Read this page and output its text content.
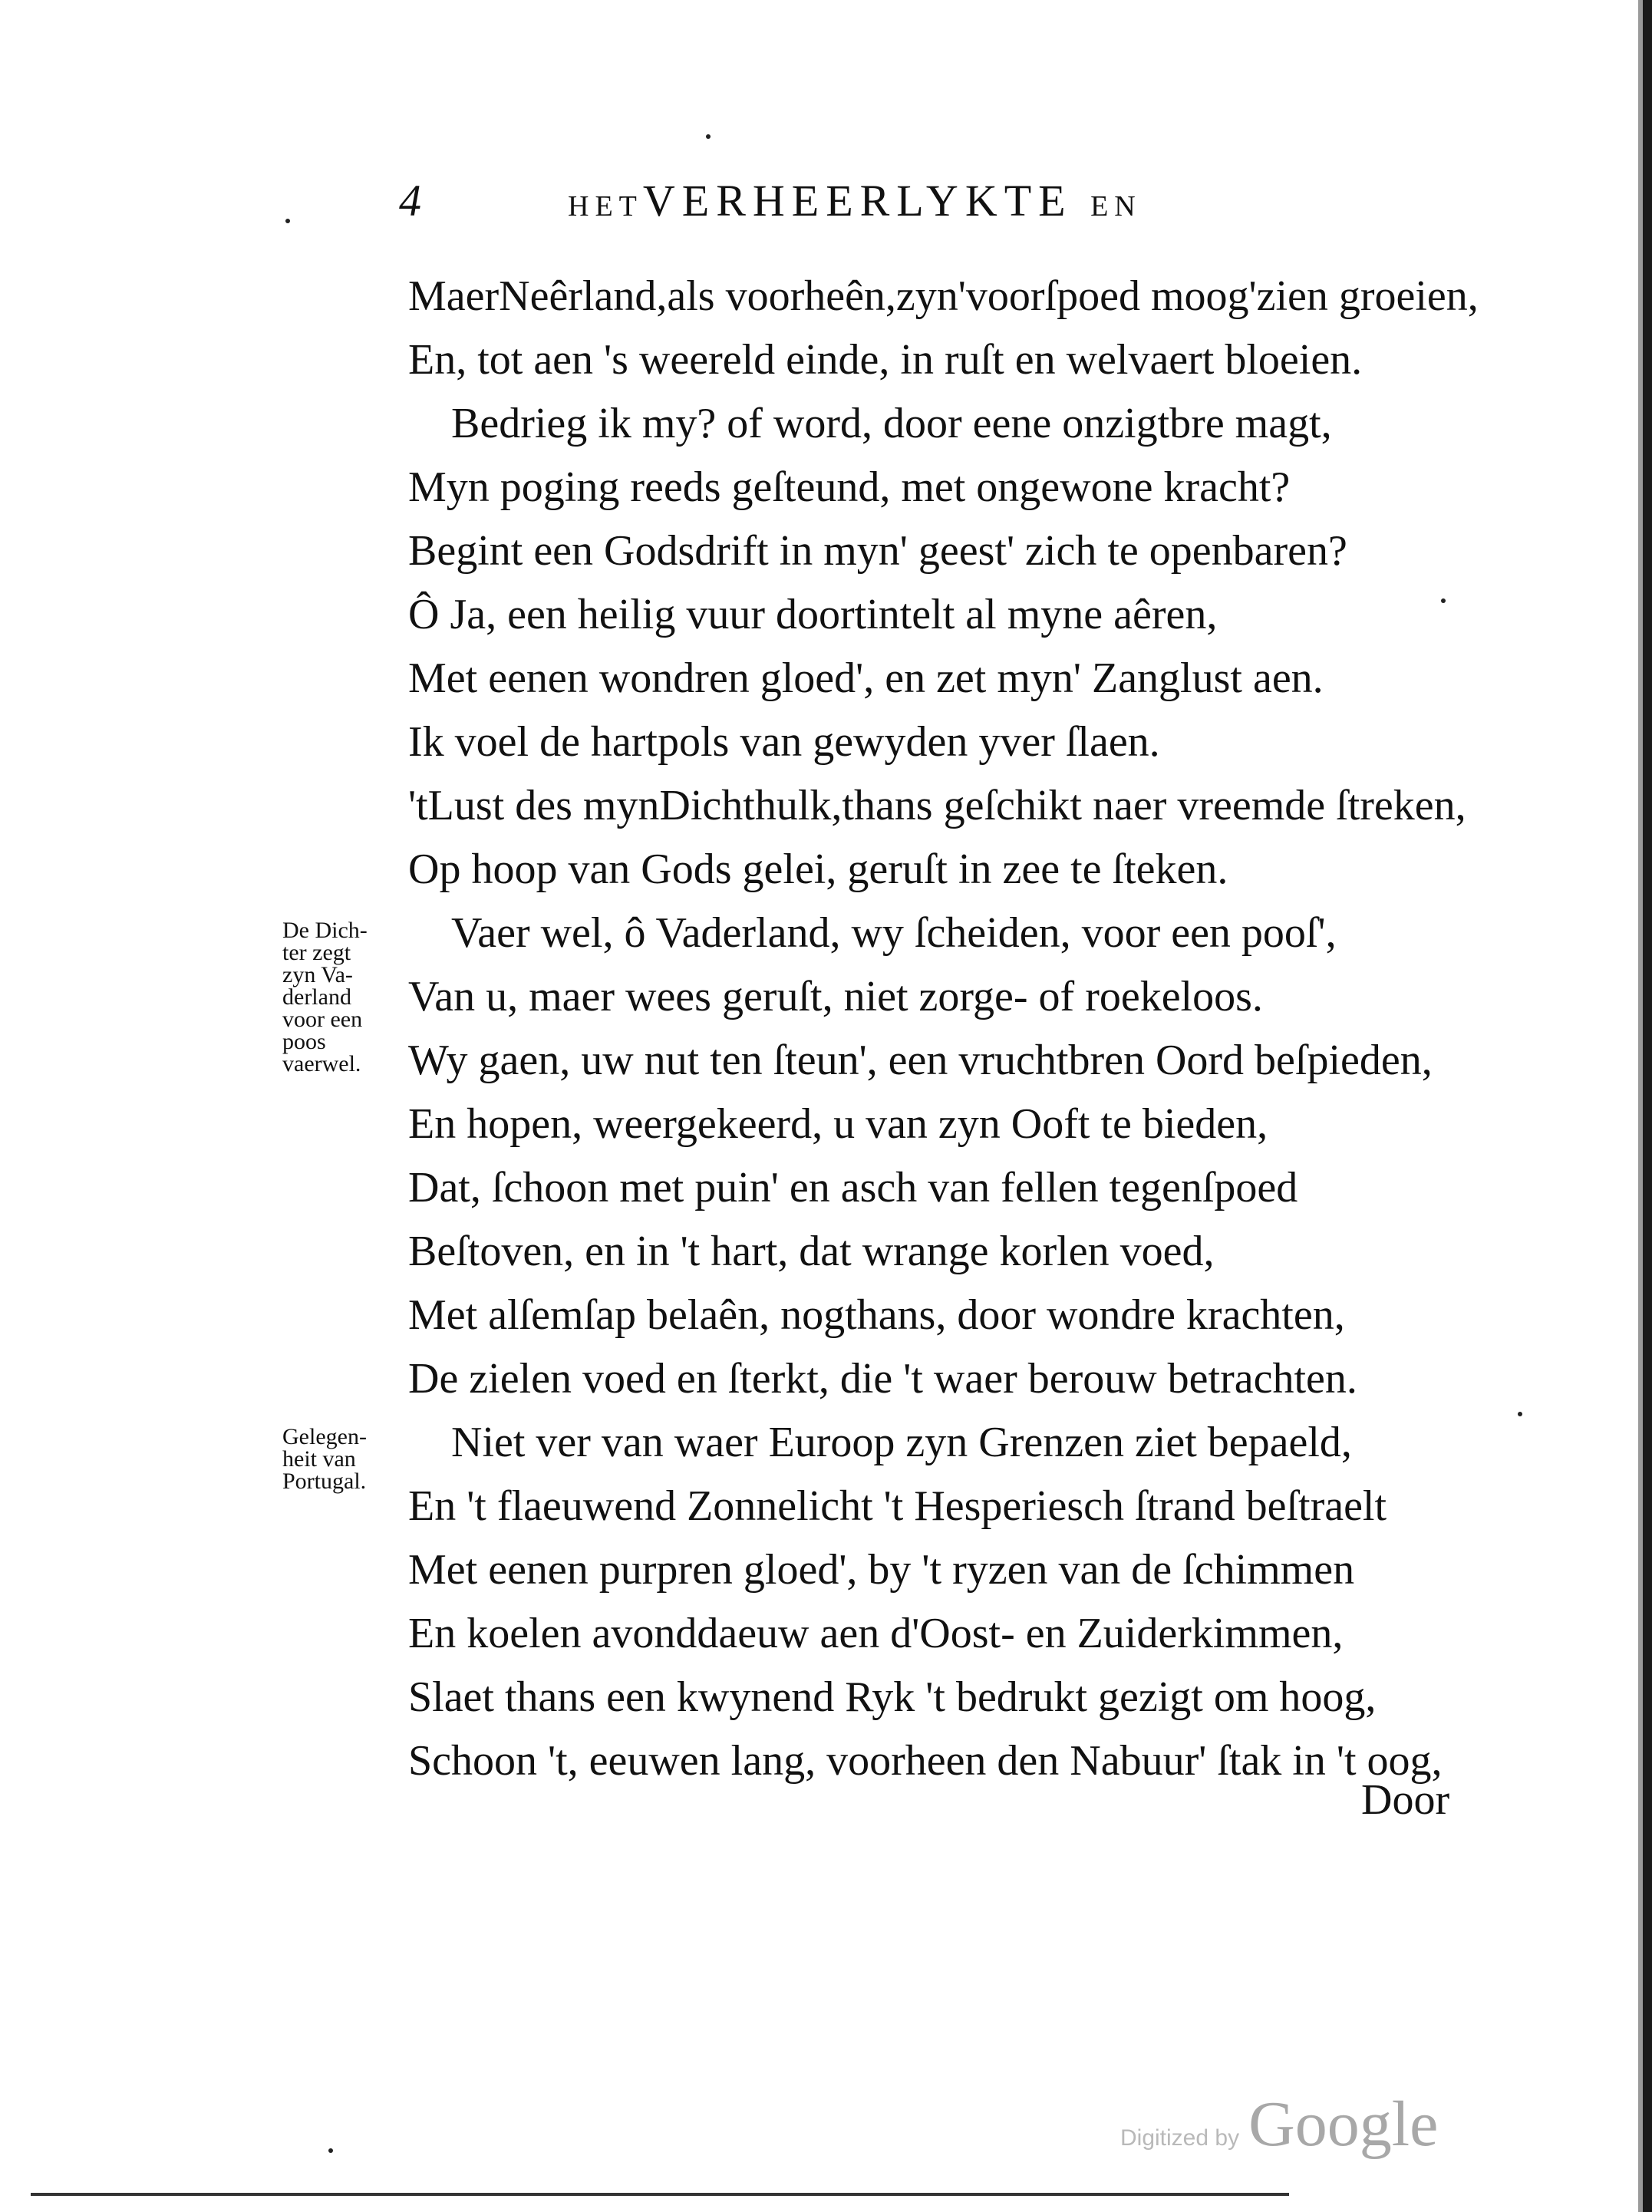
4	HETVERHEERLYKTE EN
MaerNeêrland,als voorheên,zyn'voorſpoed moog'zien groeien,
En, tot aen 's weereld einde, in ruſt en welvaert bloeien.
Bedrieg ik my? of word, door eene onzigtbre magt,
Myn poging reeds geſteund, met ongewone kracht?
Begint een Godsdrift in myn' geest' zich te openbaren?
Ô Ja, een heilig vuur doortintelt al myne aêren,
Met eenen wondren gloed', en zet myn' Zanglust aen.
Ik voel de hartpols van gewyden yver ſlaen.
'tLust des mynDichthulk,thans geſchikt naer vreemde ſtreken,
Op hoop van Gods gelei, geruſt in zee te ſteken.
Vaer wel, ô Vaderland, wy ſcheiden, voor een pooſ',
Van u, maer wees geruſt, niet zorge- of roekeloos.
Wy gaen, uw nut ten ſteun', een vruchtbren Oord beſpieden,
En hopen, weergekeerd, u van zyn Ooft te bieden,
Dat, ſchoon met puin' en asch van fellen tegenſpoed
Beſtoven, en in 't hart, dat wrange korlen voed,
Met alſemſap belaên, nogthans, door wondre krachten,
De zielen voed en ſterkt, die 't waer berouw betrachten.
Niet ver van waer Euroop zyn Grenzen ziet bepaeld,
En 't flaeuwend Zonnelicht 't Hesperiesch ſtrand beſtraelt
Met eenen purpren gloed', by 't ryzen van de ſchimmen
En koelen avonddaeuw aen d'Oost- en Zuiderkimmen,
Slaet thans een kwynend Ryk 't bedrukt gezigt om hoog,
Schoon 't, eeuwen lang, voorheen den Nabuur' ſtak in 't oog,
De Dich-
ter zegt
zyn Va-
derland
voor een
poos
vaerwel.
Gelegen-
heit van
Portugal.
Door
Digitized by Google
